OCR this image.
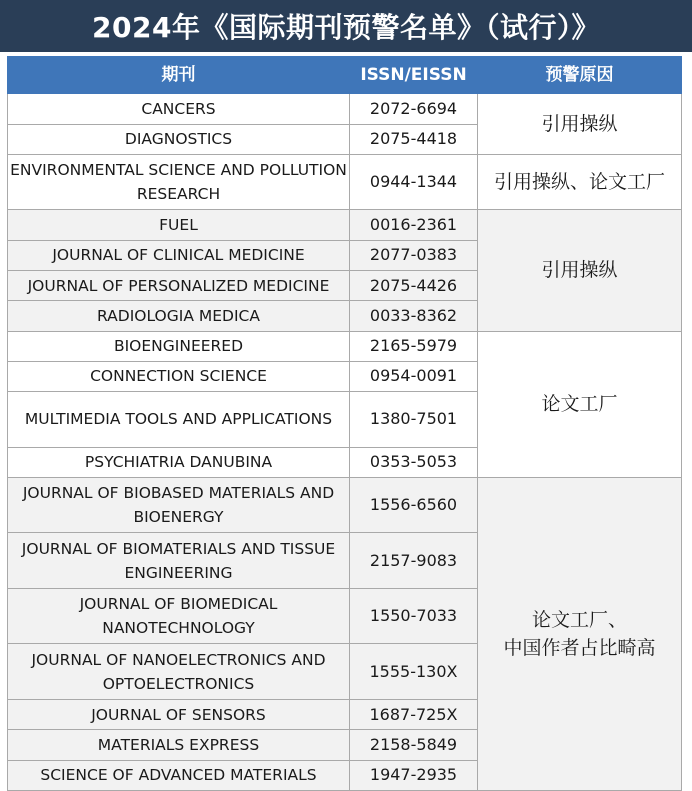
2024年《国际期刊预警名单》（试行）》
期刊	ISSN/EISSN	预警原因
CANCERS	2072-6694	引用操纵
DIAGNOSTICS	2075-4418	
ENVIRONMENTAL SCIENCE AND POLLUTION RESEARCH	0944-1344	引用操纵、论文工厂
FUEL	0016-2361	引用操纵
JOURNAL OF CLINICAL MEDICINE	2077-0383	
JOURNAL OF PERSONALIZED MEDICINE	2075-4426	
RADIOLOGIA MEDICA	0033-8362	
BIOENGINEERED	2165-5979	论文工厂
CONNECTION SCIENCE	0954-0091	
MULTIMEDIA TOOLS AND APPLICATIONS	1380-7501	
PSYCHIATRIA DANUBINA	0353-5053	
JOURNAL OF BIOBASED MATERIALS AND BIOENERGY	1556-6560	论文工厂、
中国作者占比畸高
JOURNAL OF BIOMATERIALS AND TISSUE ENGINEERING	2157-9083	
JOURNAL OF BIOMEDICAL NANOTECHNOLOGY	1550-7033	
JOURNAL OF NANOELECTRONICS AND OPTOELECTRONICS	1555-130X	
JOURNAL OF SENSORS	1687-725X	
MATERIALS EXPRESS	2158-5849	
SCIENCE OF ADVANCED MATERIALS	1947-2935	
